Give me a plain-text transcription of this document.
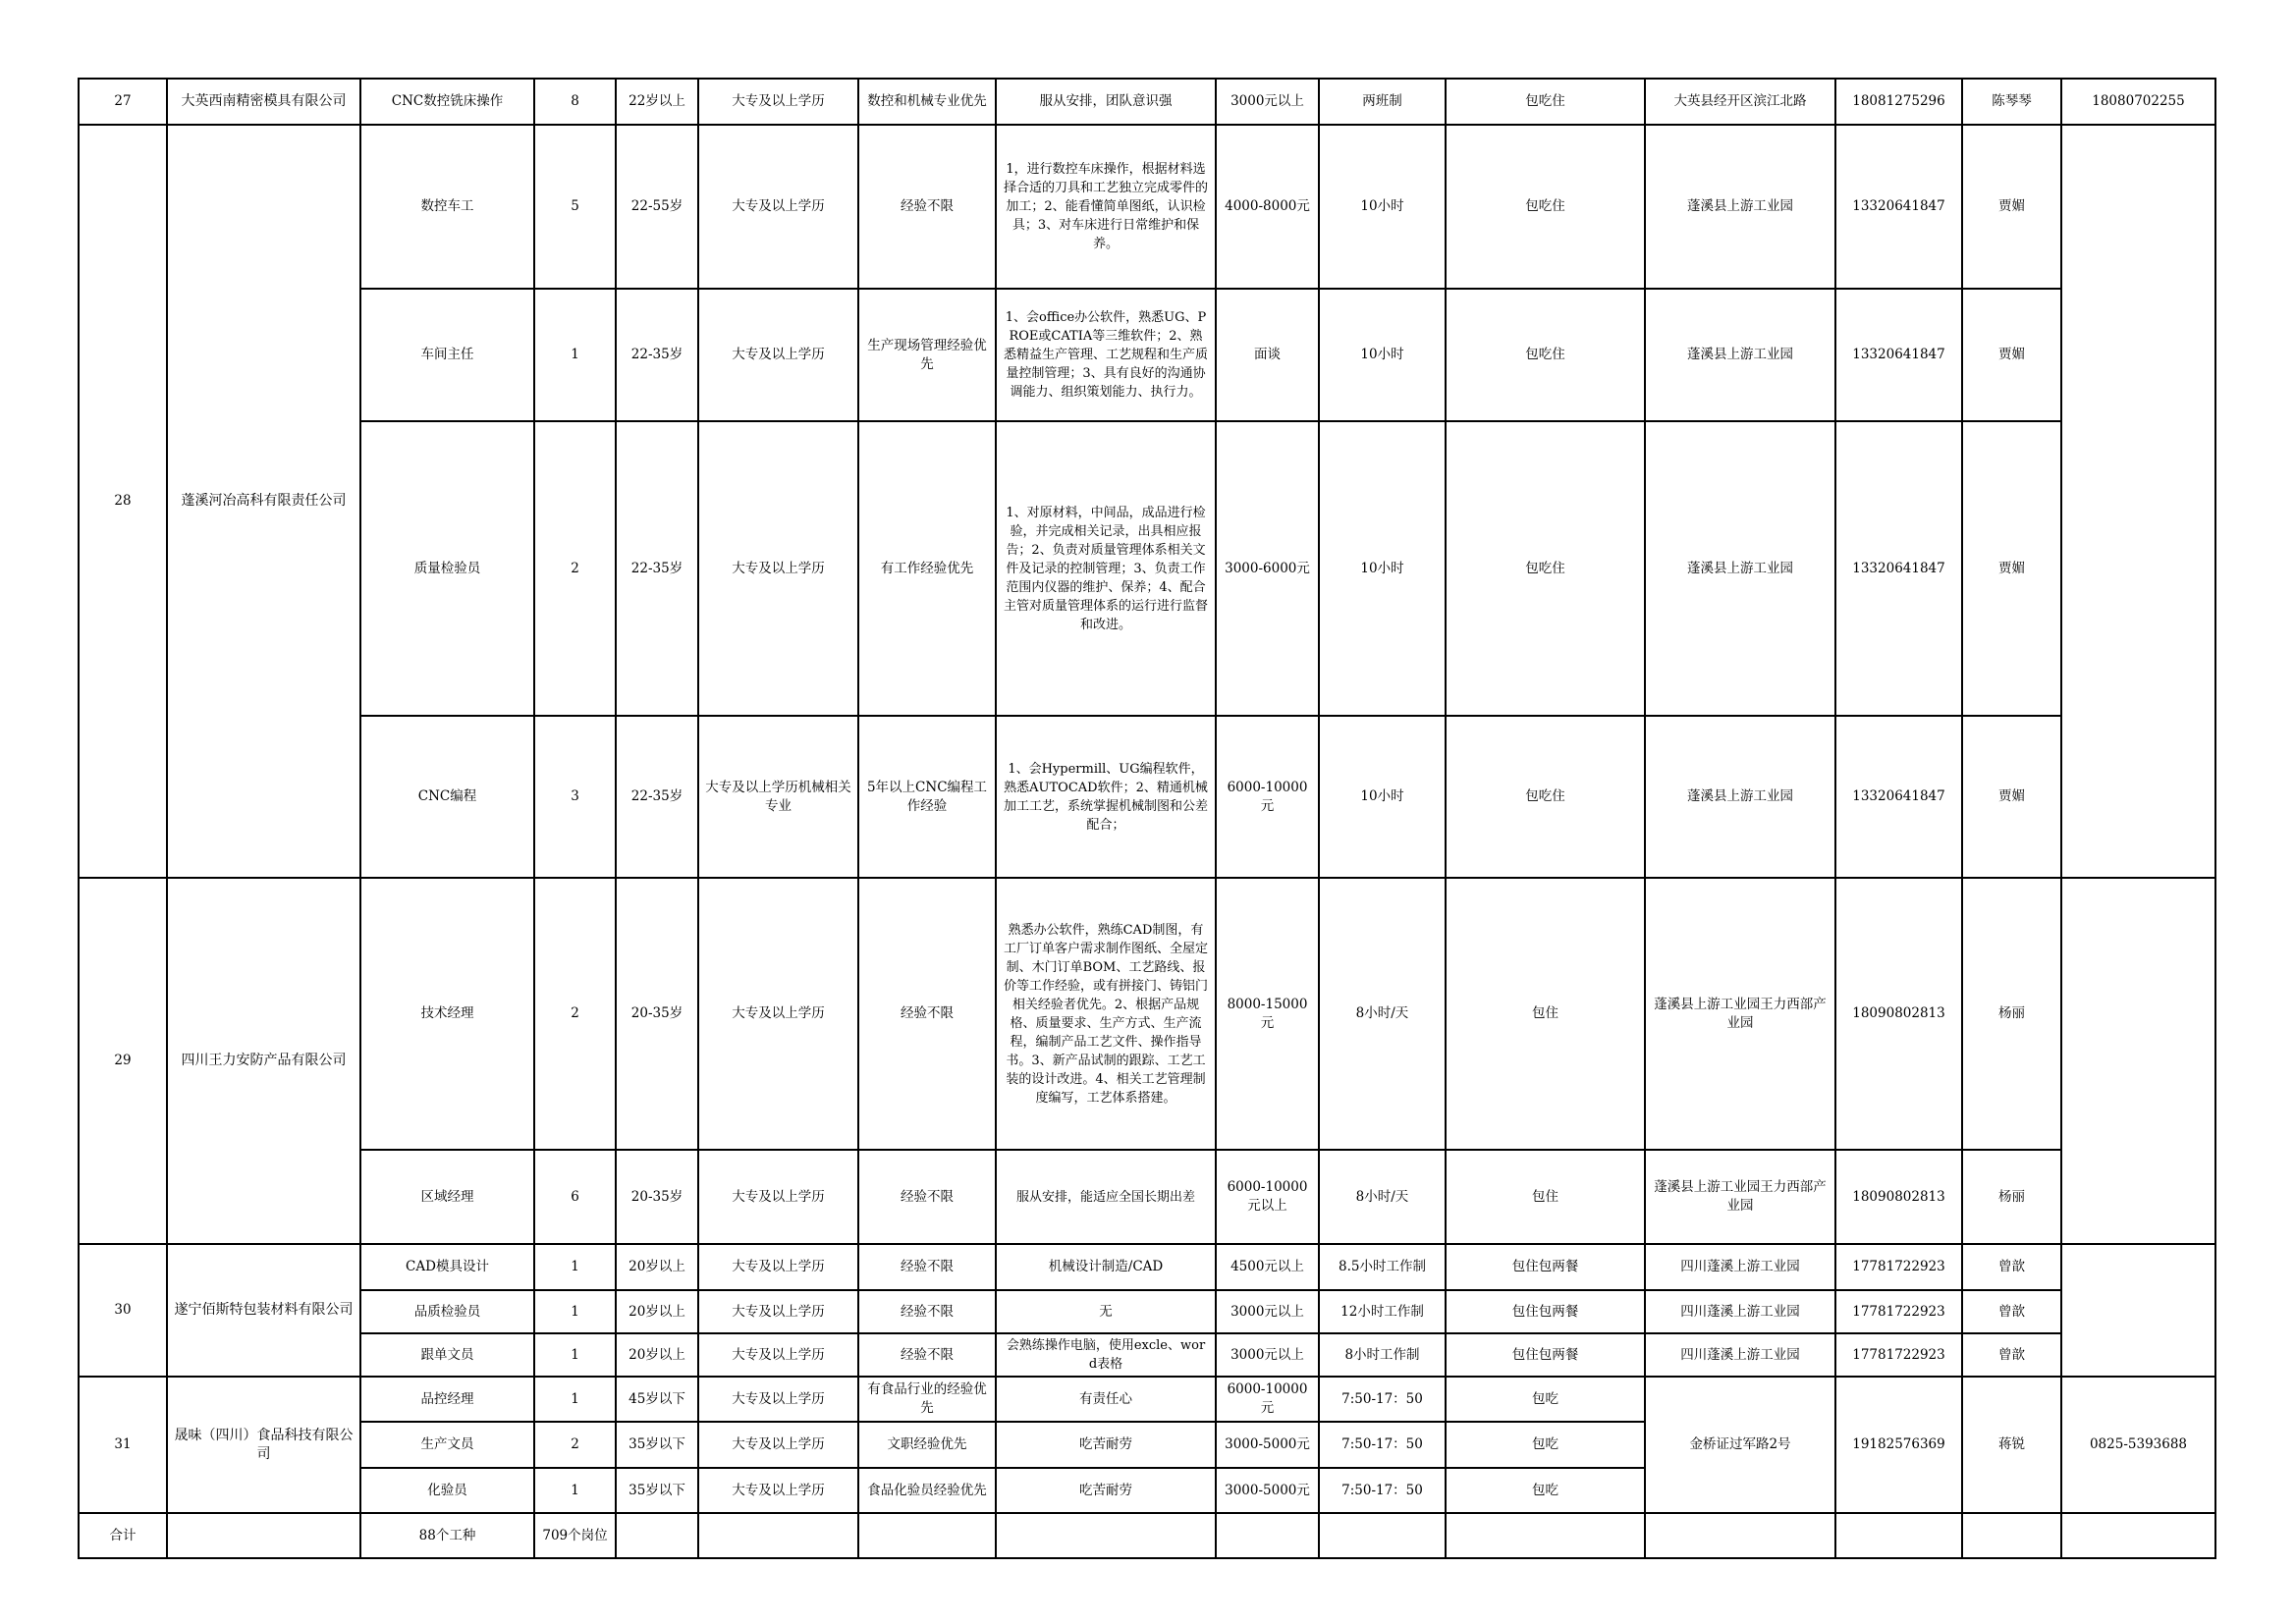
27	大英西南精密模具有限公司	CNC数控铣床操作	8	22岁以上	大专及以上学历	数控和机械专业优先	服从安排，团队意识强	3000元以上	两班制	包吃住	大英县经开区滨江北路	18081275296	陈琴琴	18080702255
28	蓬溪河冶高科有限责任公司	数控车工	5	22-55岁	大专及以上学历	经验不限	1，进行数控车床操作，根据材料选择合适的刀具和工艺独立完成零件的加工；2、能看懂简单图纸，认识检具；3、对车床进行日常维护和保养。	4000-8000元	10小时	包吃住	蓬溪县上游工业园	13320641847	贾媚	
		车间主任	1	22-35岁	大专及以上学历	生产现场管理经验优先	1、会office办公软件，熟悉UG、PROE或CATIA等三维软件；2、熟悉精益生产管理、工艺规程和生产质量控制管理；3、具有良好的沟通协调能力、组织策划能力、执行力。	面谈	10小时	包吃住	蓬溪县上游工业园	13320641847	贾媚	
		质量检验员	2	22-35岁	大专及以上学历	有工作经验优先	1、对原材料，中间品，成品进行检验，并完成相关记录，出具相应报告；2、负责对质量管理体系相关文件及记录的控制管理；3、负责工作范围内仪器的维护、保养；4、配合主管对质量管理体系的运行进行监督和改进。	3000-6000元	10小时	包吃住	蓬溪县上游工业园	13320641847	贾媚	
		CNC编程	3	22-35岁	大专及以上学历机械相关专业	5年以上CNC编程工作经验	1、会Hypermill、UG编程软件，熟悉AUTOCAD软件；2、精通机械加工工艺，系统掌握机械制图和公差配合；	6000-10000元	10小时	包吃住	蓬溪县上游工业园	13320641847	贾媚	
29	四川王力安防产品有限公司	技术经理	2	20-35岁	大专及以上学历	经验不限	熟悉办公软件，熟练CAD制图，有工厂订单客户需求制作图纸、全屋定制、木门订单BOM、工艺路线、报价等工作经验，或有拼接门、铸铝门相关经验者优先。2、根据产品规格、质量要求、生产方式、生产流程，编制产品工艺文件、操作指导书。3、新产品试制的跟踪、工艺工装的设计改进。4、相关工艺管理制度编写，工艺体系搭建。	8000-15000元	8小时/天	包住	蓬溪县上游工业园王力西部产业园	18090802813	杨丽	
		区域经理	6	20-35岁	大专及以上学历	经验不限	服从安排，能适应全国长期出差	6000-10000元以上	8小时/天	包住	蓬溪县上游工业园王力西部产业园	18090802813	杨丽	
30	遂宁佰斯特包装材料有限公司	CAD模具设计	1	20岁以上	大专及以上学历	经验不限	机械设计制造/CAD	4500元以上	8.5小时工作制	包住包两餐	四川蓬溪上游工业园	17781722923	曾歆	
		品质检验员	1	20岁以上	大专及以上学历	经验不限	无	3000元以上	12小时工作制	包住包两餐	四川蓬溪上游工业园	17781722923	曾歆	
		跟单文员	1	20岁以上	大专及以上学历	经验不限	会熟练操作电脑，使用excle、word表格	3000元以上	8小时工作制	包住包两餐	四川蓬溪上游工业园	17781722923	曾歆	
31	晟味（四川）食品科技有限公司	品控经理	1	45岁以下	大专及以上学历	有食品行业的经验优先	有责任心	6000-10000元	7:50-17：50	包吃	金桥证过军路2号	19182576369	蒋锐	0825-5393688
		生产文员	2	35岁以下	大专及以上学历	文职经验优先	吃苦耐劳	3000-5000元	7:50-17：50	包吃				
		化验员	1	35岁以下	大专及以上学历	食品化验员经验优先	吃苦耐劳	3000-5000元	7:50-17：50	包吃				
合计		88个工种	709个岗位											
